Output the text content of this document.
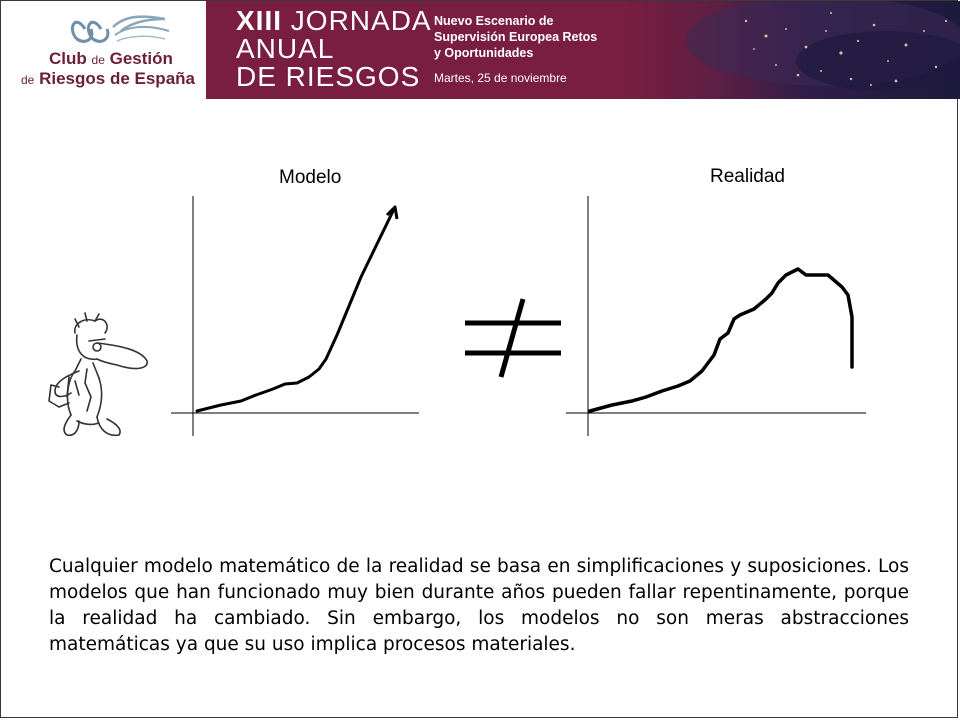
Club de Gestión
de Riesgos de España
XIII JORNADA
ANUAL
DE RIESGOS
Nuevo Escenario de
Supervisión Europea Retos
y Oportunidades
Martes, 25 de noviembre
Modelo	Realidad
Cualquier modelo matemático de la realidad se basa en simplificaciones y suposiciones. Los modelos que han funcionado muy bien durante años pueden fallar repentinamente, porque la realidad ha cambiado. Sin embargo, los modelos no son meras abstracciones matemáticas ya que su uso implica procesos materiales.
